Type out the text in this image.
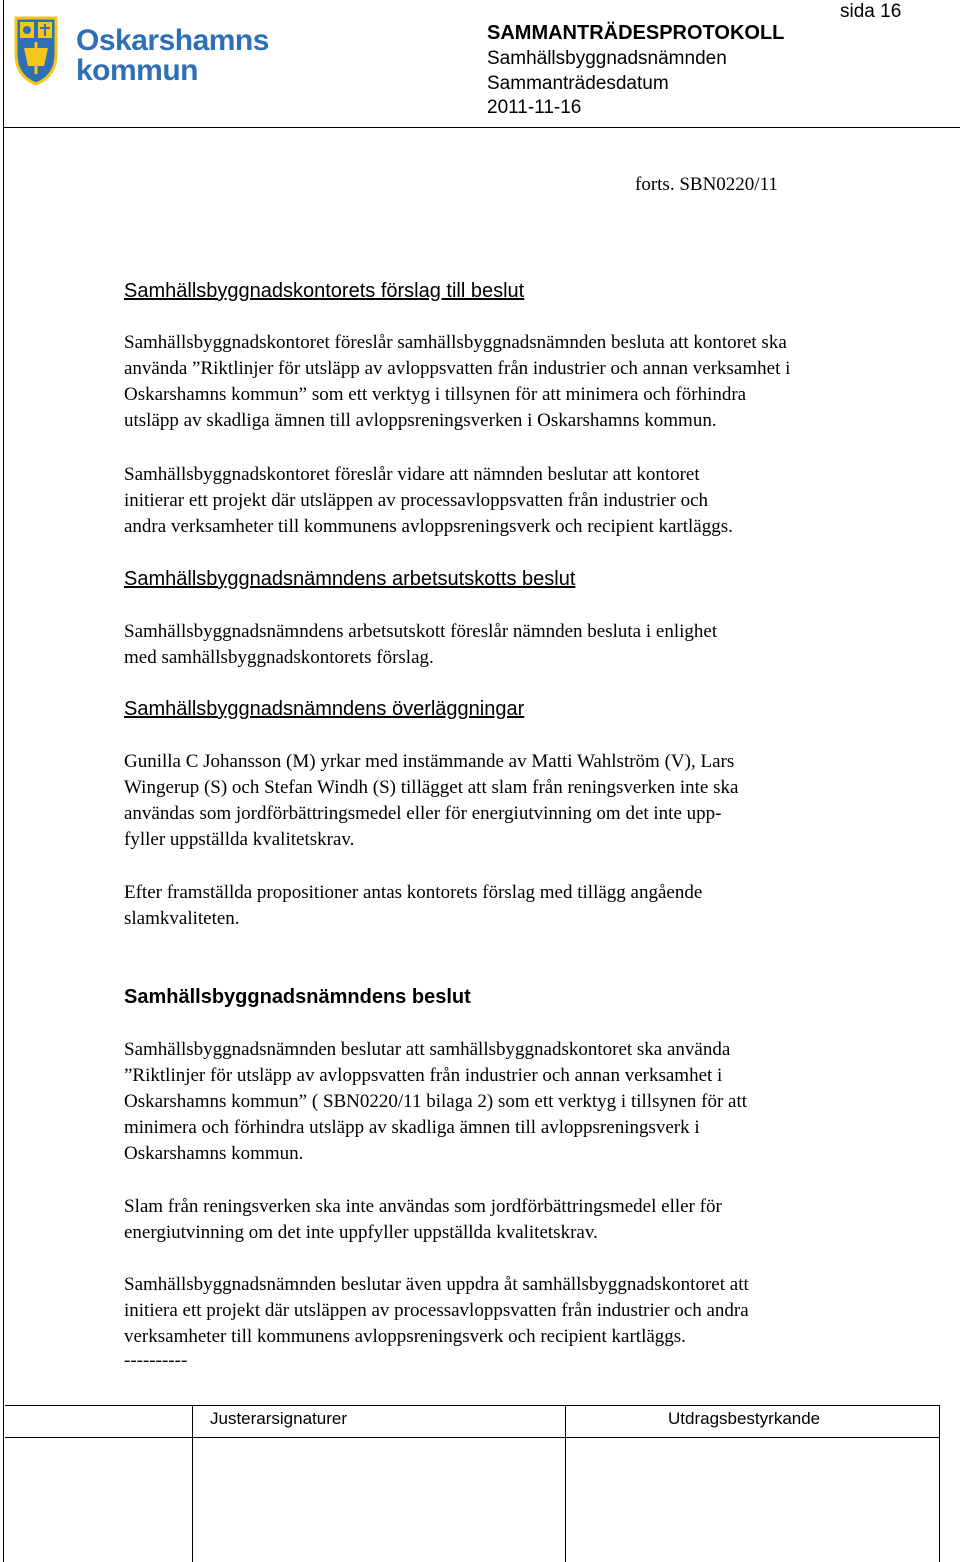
Oskarshamns
kommun
sida 16
SAMMANTRÄDESPROTOKOLL
Samhällsbyggnadsnämnden
Sammanträdesdatum
2011-11-16
forts. SBN0220/11
Samhällsbyggnadskontorets förslag till beslut
Samhällsbyggnadskontoret föreslår samhällsbyggnadsnämnden besluta att kontoret ska
använda ”Riktlinjer för utsläpp av avloppsvatten från industrier och annan verksamhet i
Oskarshamns kommun” som ett verktyg i tillsynen för att minimera och förhindra
utsläpp av skadliga ämnen till avloppsreningsverken i Oskarshamns kommun.
Samhällsbyggnadskontoret föreslår vidare att nämnden beslutar att kontoret
initierar ett projekt där utsläppen av processavloppsvatten från industrier och
andra verksamheter till kommunens avloppsreningsverk och recipient kartläggs.
Samhällsbyggnadsnämndens arbetsutskotts beslut
Samhällsbyggnadsnämndens arbetsutskott föreslår nämnden besluta i enlighet
med samhällsbyggnadskontorets förslag.
Samhällsbyggnadsnämndens överläggningar
Gunilla C Johansson (M) yrkar med instämmande av Matti Wahlström (V), Lars
Wingerup (S) och Stefan Windh (S) tillägget att slam från reningsverken inte ska
användas som jordförbättringsmedel eller för energiutvinning om det inte upp-
fyller uppställda kvalitetskrav.
Efter framställda propositioner antas kontorets förslag med tillägg angående
slamkvaliteten.
Samhällsbyggnadsnämndens beslut
Samhällsbyggnadsnämnden beslutar att samhällsbyggnadskontoret ska använda
”Riktlinjer för utsläpp av avloppsvatten från industrier och annan verksamhet i
Oskarshamns kommun” ( SBN0220/11 bilaga 2) som ett verktyg i tillsynen för att
minimera och förhindra utsläpp av skadliga ämnen till avloppsreningsverk i
Oskarshamns kommun.
Slam från reningsverken ska inte användas som jordförbättringsmedel eller för
energiutvinning om det inte uppfyller uppställda kvalitetskrav.
Samhällsbyggnadsnämnden beslutar även uppdra åt samhällsbyggnadskontoret att
initiera ett projekt där utsläppen av processavloppsvatten från industrier och andra
verksamheter till kommunens avloppsreningsverk och recipient kartläggs.
----------
Justerarsignaturer	Utdragsbestyrkande
